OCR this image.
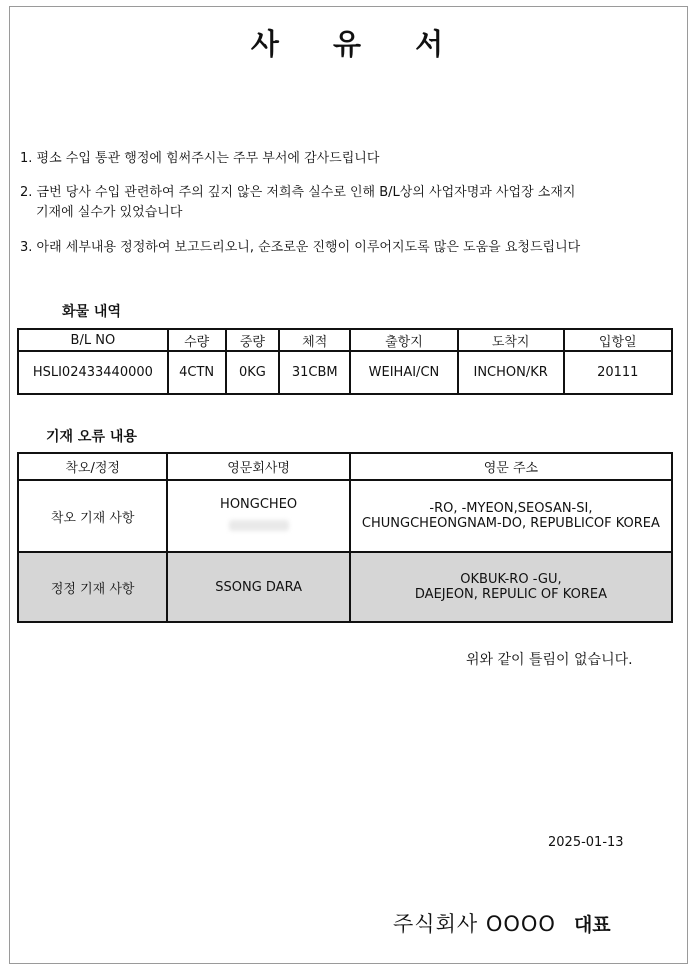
사 유 서
1. 평소 수입 통관 행정에 힘써주시는 주무 부서에 감사드립니다
2. 금번 당사 수입 관련하여 주의 깊지 않은 저희측 실수로 인해 B/L상의 사업자명과 사업장 소재지
기재에 실수가 있었습니다
3. 아래 세부내용 정정하여 보고드리오니, 순조로운 진행이 이루어지도록 많은 도움을 요청드립니다
화물 내역
B/L NO	수량	중량	체적	출항지	도착지	입항일
HSLI02433440000	4CTN	0KG	31CBM	WEIHAI/CN	INCHON/KR	20111
기재 오류 내용
착오/정정	영문회사명	영문 주소
착오 기재 사항	HONGCHEO	-RO, -MYEON,SEOSAN-SI,
CHUNGCHEONGNAM-DO, REPUBLICOF KOREA

정정 기재 사항	SSONG DARA	OKBUK-RO -GU,
DAEJEON, REPULIC OF KOREA
위와 같이 틀림이 없습니다.
2025-01-13
주식회사 OOOO 대표
